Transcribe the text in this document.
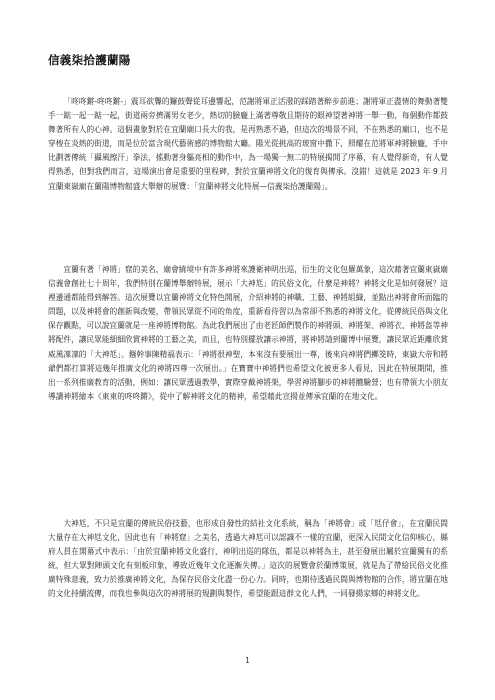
信義柒拾護蘭陽

「咚咚鏘-咚咚鏘-」震耳欲聾的鑼鼓聲從耳邊響起，范謝將軍正活潑的踩踏著醉步前進；謝將軍正盡情的舞動著雙手一踮一起一踮一起，街道兩旁擠滿男女老少，熱切的臉龐上滿著尊敬且期待的眼神望著神將一舉一動，每個動作都鼓舞著所有人的心神。這個畫象對於在宜蘭廟口長大的我，是再熟悉不過，但這次的場景不同，不在熟悉的廟口，也不是穿梭在炎熱的街道，而是位於富含現代藝術感的博物館大廳。陽光從挑高的玻窗中撒下，照耀在范將軍神將臉龐，手中比劃著傳統「攝風擦汗」拳法，搖動著身軀亮相的動作中，為一場獨一無二的特展揭開了序幕，有人覺得新奇，有人覺得熟悉，但對我們而言，這場演出會是重要的里程碑，對於宜蘭神將文化的復育與傳承。沒錯！這就是 2023 年 9 月宜蘭東嶽廟在蘭陽博物館盛大舉辦的展覽：「宜蘭神將文化特展—信義柒拾護蘭陽」。

宜蘭有著「神將」窟的美名，廟會繞境中有許多神將來護衛神明出巡，衍生的文化包羅萬象，這次藉著宜蘭東嶽廟信義會創社七十周年，我們特別在蘭博舉辦特展，展示「大神尪」的民俗文化，什麼是神將？神將文化是如何發展？這裡邊通都能得到解答。這次展覽以宜蘭神將文化特色開展，介紹神將的神職、工藝、神將組織，並點出神將會所面臨的問題，以及神將會的創新與改變，帶領民眾從不同的角度，重新看待習以為常卻不熟悉的神將文化，從傳統民俗與文化保存觀點，可以說宜蘭就是一座神將博物館。為此我們展出了由老匠師們製作的神將頭、神將架、神將衣、神將盔等神將配件，讓民眾能細細欣賞神將的工藝之美，而且，也特別擺放讓示神將，將神將請到蘭博中展覽，讓民眾近距離欣賞威風凜凜的「大神尪」。鏹幹事陳精福表示：「神將很神聖，本來沒有要展出一尊，後來向神將們擲筊時，東嶽大帝和將爺們都打算將這幾年推廣文化的神將四尊一次展出。」在寶寶中神將們也希望文化被更多人看見，因此在特展期間，推出一系列推廣教育的活動，例如：讓民眾透過教學，實際穿戴神將架，學習神將腳步的神將體驗營；也有帶領大小朋友導讀神將繪本《東東的咚咚鏘》，從中了解神將文化的精神，希望藉此宣揚並傳承宜蘭的在地文化。

大神尪，不只是宜蘭的傳統民俗技藝，也形成自發性的結社文化系統，稱為「神將會」或「尪仔會」，在宜蘭民間大量存在大神尪文化，因此也有「神將窟」之美名，透過大神尪可以認識不一樣的宜蘭，更深入民間文化信仰核心，縣府人員在開幕式中表示：「由於宜蘭神將文化盛行，神明出巡的隊伍，都是以神將為主，甚至發展出屬於宜蘭獨有的系統，但大眾對陣頭文化有刻板印象，導致近幾年文化逐漸失傳。」這次的展覽會於蘭博策展，就是為了帶給民俗文化推廣特殊意義，致力於推廣神將文化，為保存民俗文化盡一份心力。同時，也期待透過民間與博物館的合作，將宜蘭在地的文化持續流傳，而我也參與這次的神將展的規劃與製作，希望能跟這群文化人們，一同發揚家鄉的神將文化。

1
